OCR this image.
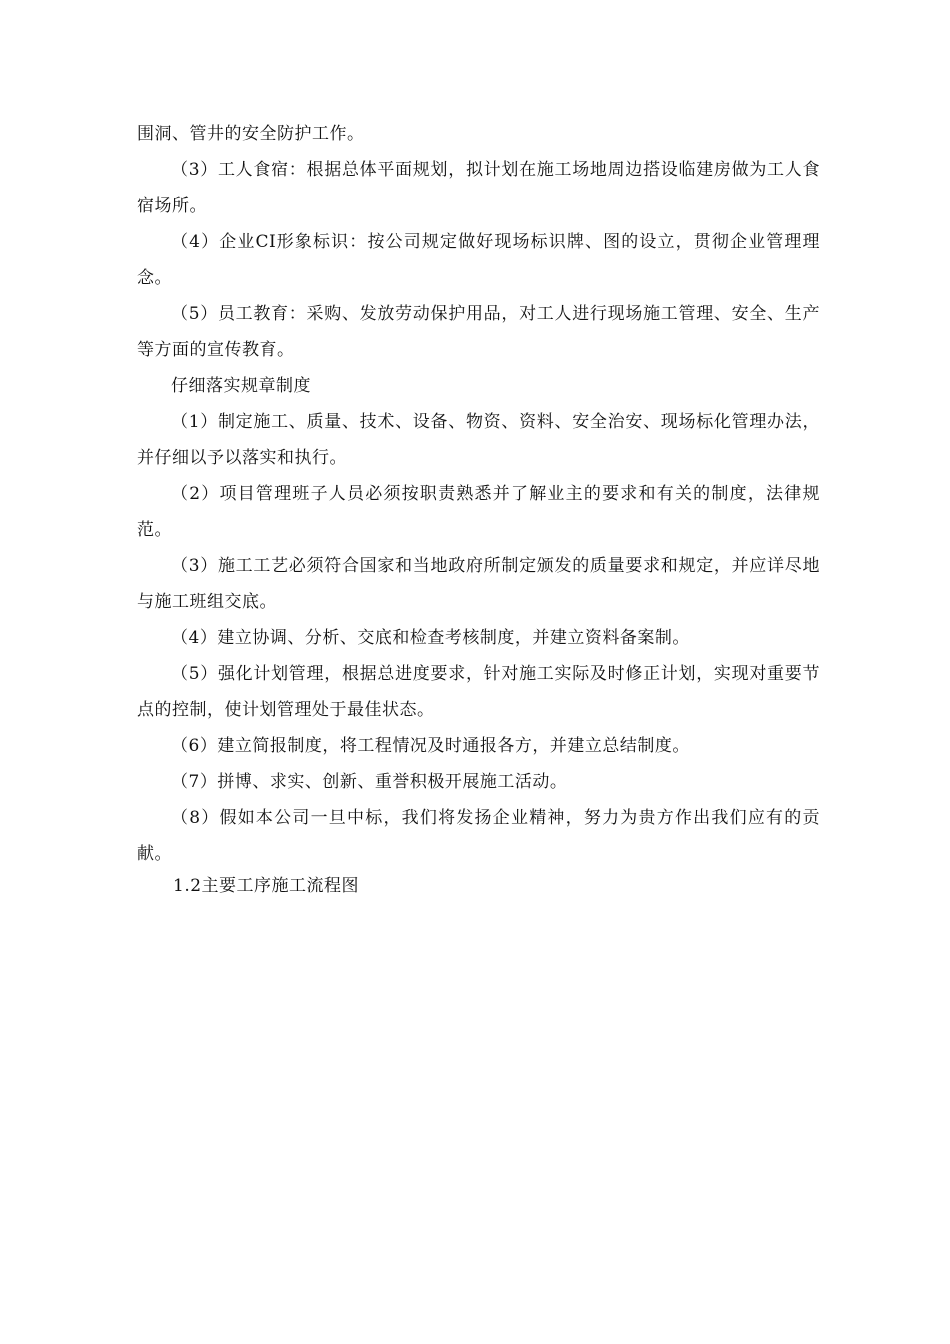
围洞、管井的安全防护工作。

（3）工人食宿：根据总体平面规划，拟计划在施工场地周边搭设临建房做为工人食宿场所。

（4）企业CI形象标识：按公司规定做好现场标识牌、图的设立，贯彻企业管理理念。

（5）员工教育：采购、发放劳动保护用品，对工人进行现场施工管理、安全、生产等方面的宣传教育。

仔细落实规章制度

（1）制定施工、质量、技术、设备、物资、资料、安全治安、现场标化管理办法，并仔细以予以落实和执行。

（2）项目管理班子人员必须按职责熟悉并了解业主的要求和有关的制度，法律规范。

（3）施工工艺必须符合国家和当地政府所制定颁发的质量要求和规定，并应详尽地与施工班组交底。

（4）建立协调、分析、交底和检查考核制度，并建立资料备案制。

（5）强化计划管理，根据总进度要求，针对施工实际及时修正计划，实现对重要节点的控制，使计划管理处于最佳状态。

（6）建立简报制度，将工程情况及时通报各方，并建立总结制度。

（7）拼博、求实、创新、重誉积极开展施工活动。

（8）假如本公司一旦中标，我们将发扬企业精神，努力为贵方作出我们应有的贡献。

1.2主要工序施工流程图
